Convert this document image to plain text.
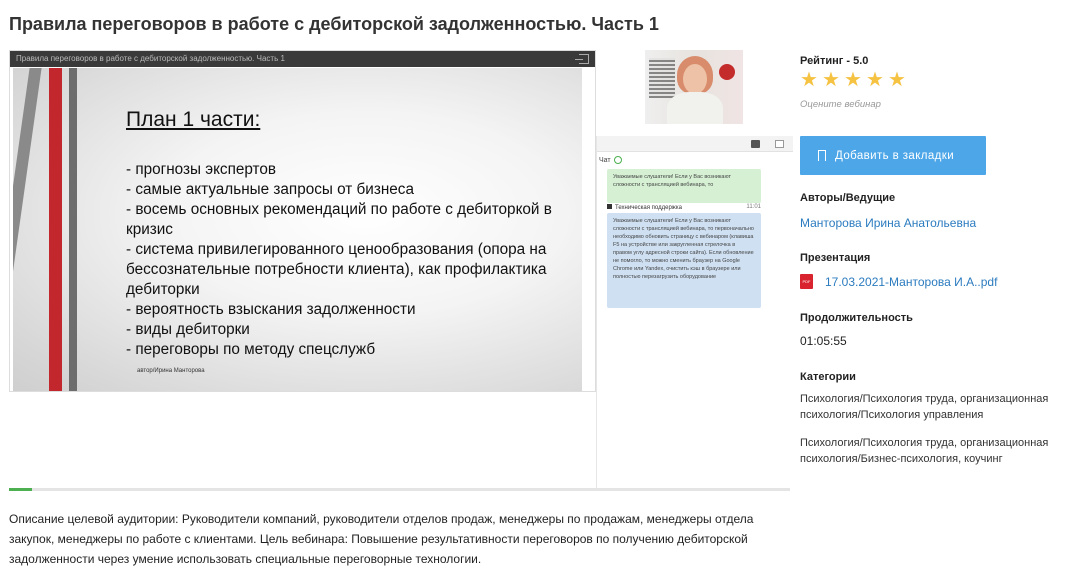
Правила переговоров в работе с дебиторской задолженностью. Часть 1
Правила переговоров в работе с дебиторской задолженностью. Часть 1
План 1 части:
- прогнозы экспертов
- самые актуальные запросы от бизнеса
- восемь основных рекомендаций по работе с дебиторкой в кризис
- система привилегированного ценообразования (опора на бессознательные потребности клиента), как профилактика дебиторки
- вероятность взыскания задолженности
- виды дебиторки
- переговоры по методу спецслужб
автор/Ирина Манторова
Чат
Уважаемые слушатели! Если у Вас возникают сложности с трансляцией вебинара, то
Техническая поддержка	11:01
Уважаемые слушатели! Если у Вас возникают сложности с трансляцией вебинара, то первоначально необходимо обновить страницу с вебинаром (клавиша F5 на устройстве или закругленная стрелочка в правом углу адресной строки сайта). Если обновление не помогло, то можно сменить браузер на Google Chrome или Yandex, очистить кэш в браузере или полностью перезагрузить оборудование
Рейтинг - 5.0
★ ★ ★ ★ ★
Оцените вебинар
Добавить в закладки
Авторы/Ведущие
Манторова Ирина Анатольевна
Презентация
PDF 17.03.2021-Манторова И.А..pdf
Продолжительность
01:05:55
Категории
Психология/Психология труда, организационная психология/Психология управления
Психология/Психология труда, организационная психология/Бизнес-психология, коучинг
Описание целевой аудитории: Руководители компаний, руководители отделов продаж, менеджеры по продажам, менеджеры отдела закупок, менеджеры по работе с клиентами. Цель вебинара: Повышение результативности переговоров по получению дебиторской задолженности через умение использовать специальные переговорные технологии.
